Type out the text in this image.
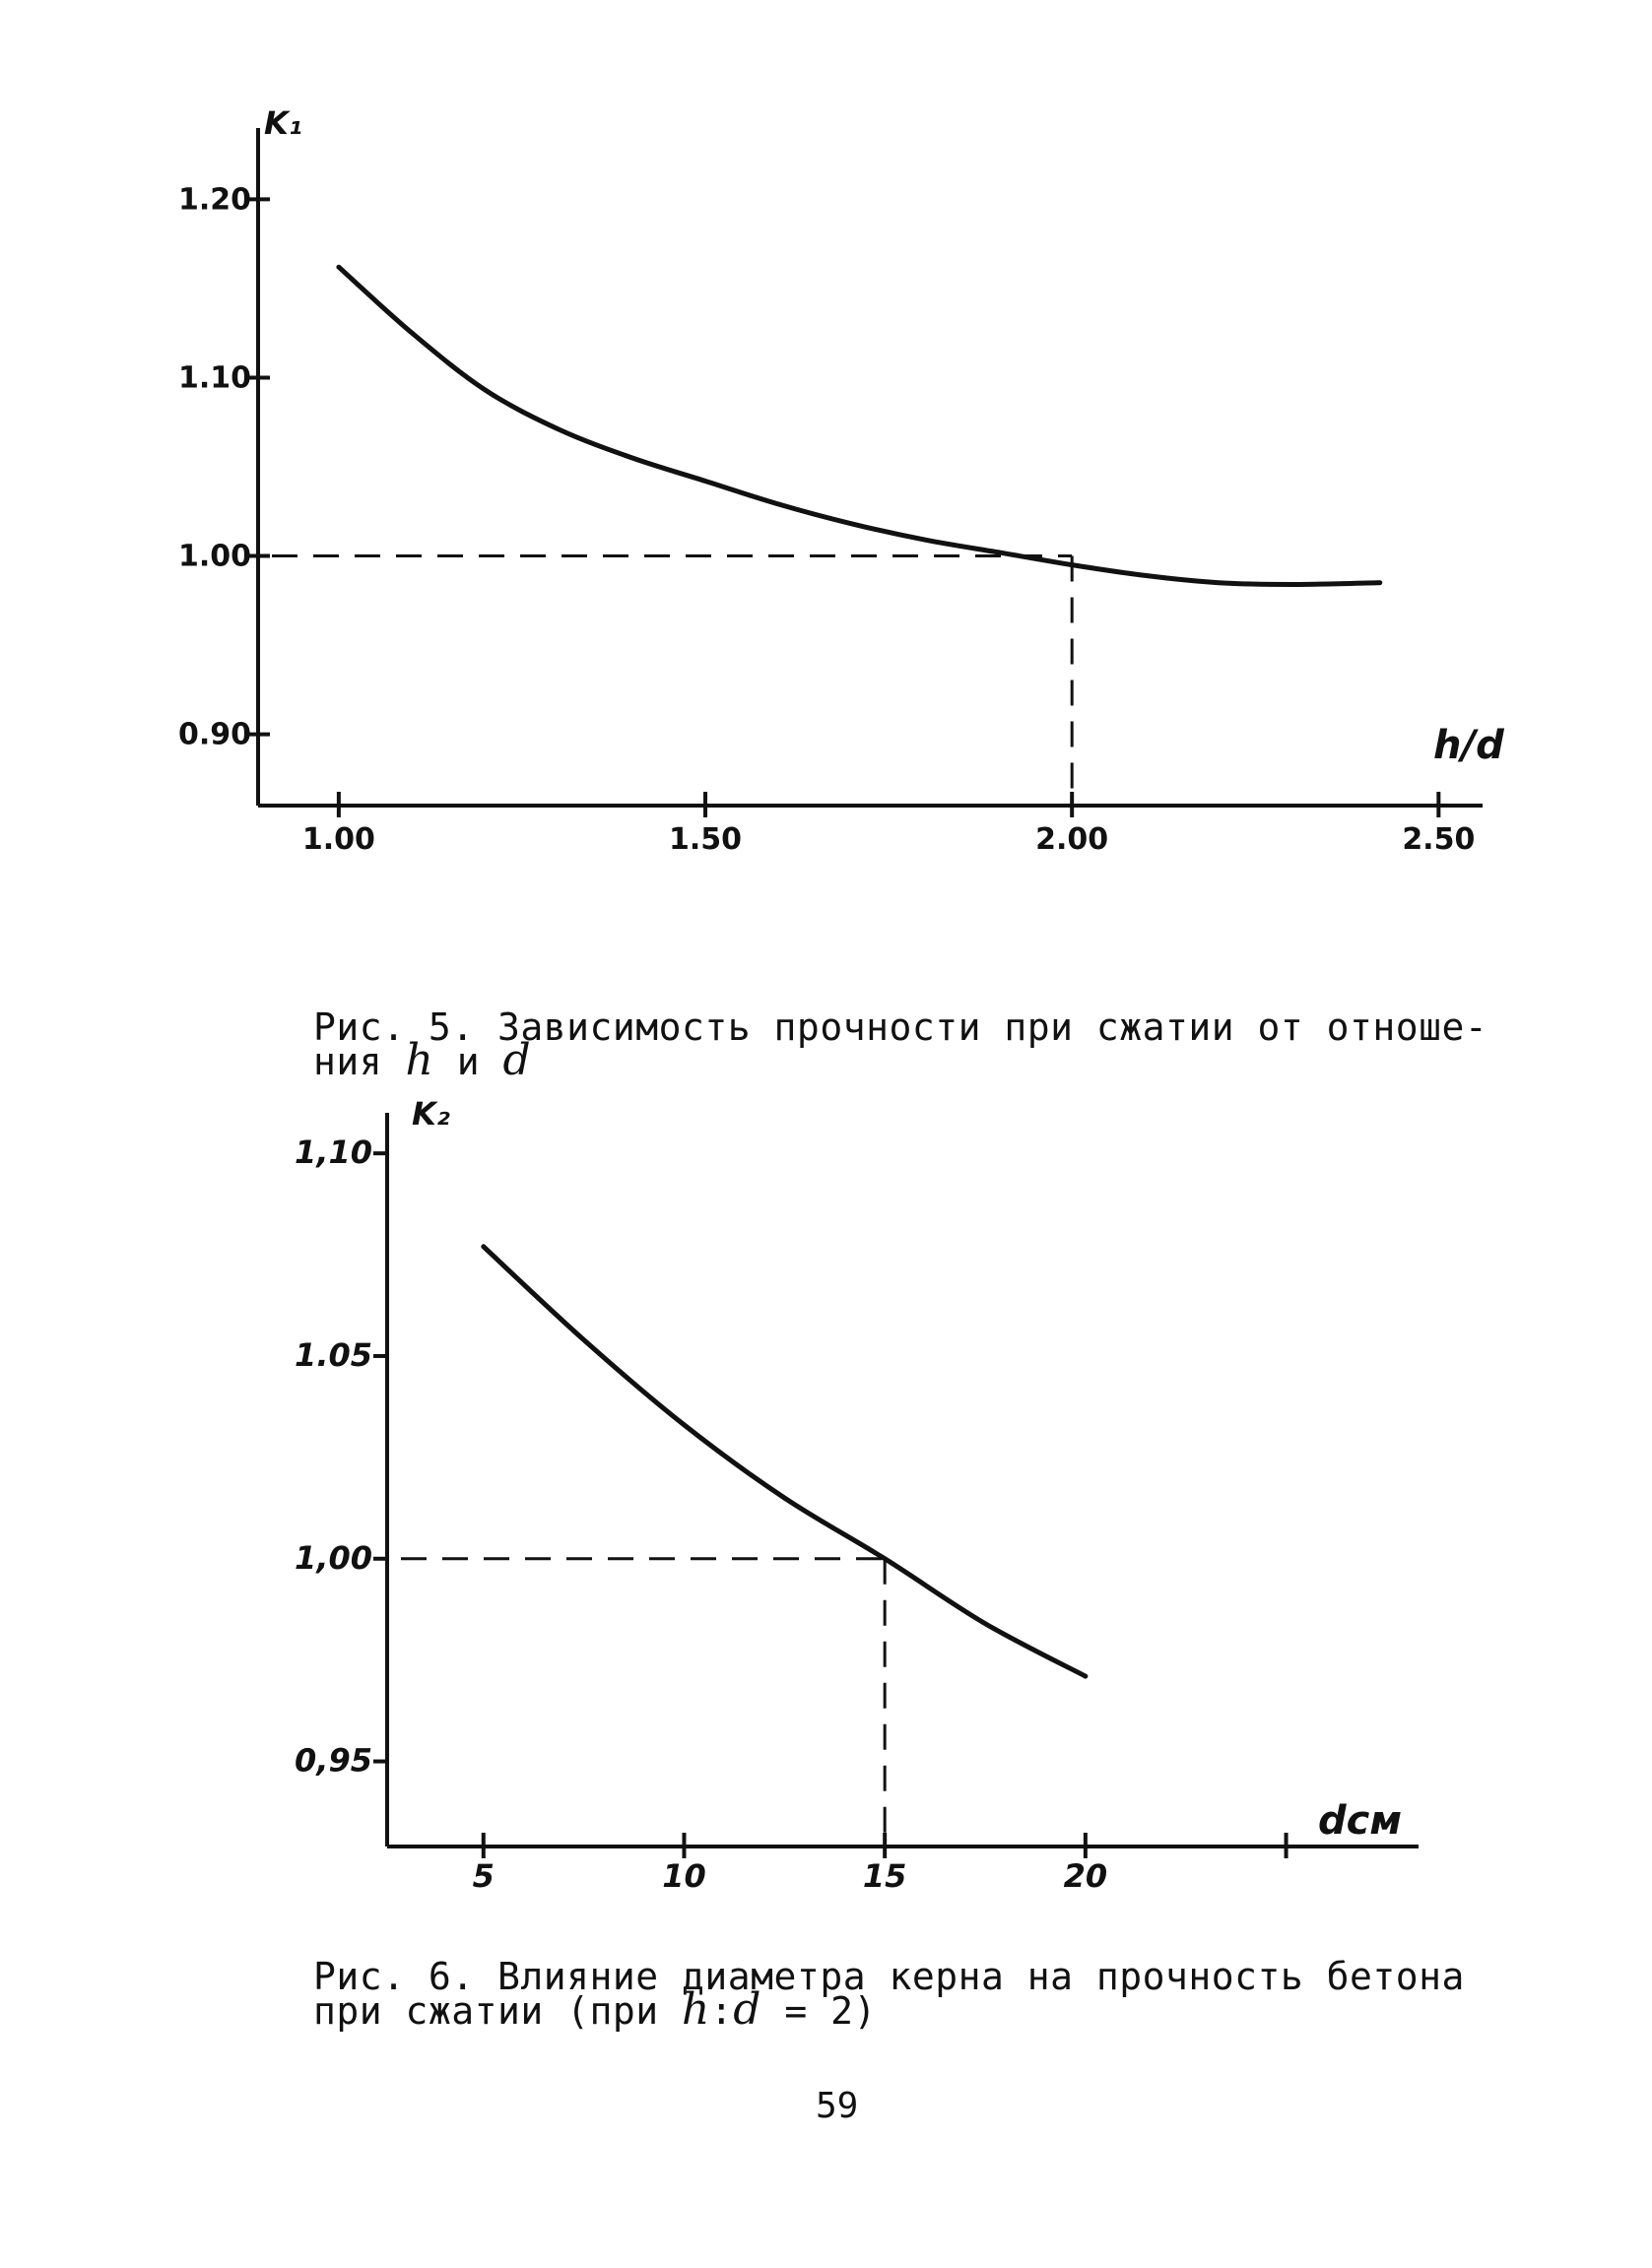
0.90
1.00
1.10
1.20
1.00	1.50	2.00	2.50
K₁
h/d
0,95
1,00
1.05
1,10
5	10	15	20
K₂
dсм

Рис. 5. Зависимость прочности при сжатии от отноше-
ния h и d

Рис. 6. Влияние диаметра керна на прочность бетона
при сжатии (при h:d = 2)

59
